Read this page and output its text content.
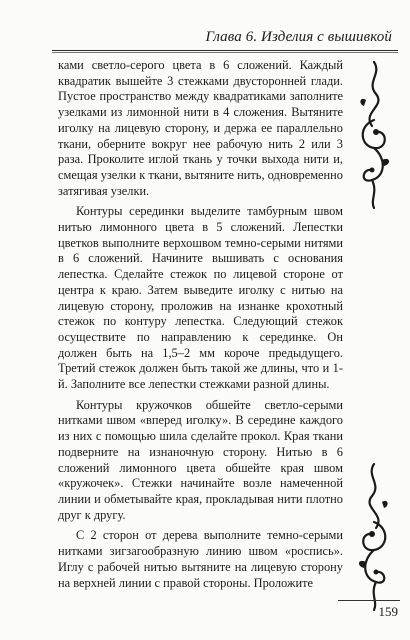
Глава 6. Изделия с вышивкой

ками светло-серого цвета в 6 сложений. Каждый квадратик вышейте 3 стежками двусторонней глади. Пустое пространство между квадратиками заполните узелками из лимонной нити в 4 сложения. Вытяните иголку на лицевую сторону, и держа ее параллельно ткани, оберните вокруг нее рабочую нить 2 или 3 раза. Проколите иглой ткань у точки выхода нити и, смещая узелки к ткани, вытяните нить, одновременно затягивая узелки.

Контуры серединки выделите тамбурным швом нитью лимонного цвета в 5 сложений. Лепестки цветков выполните верхошвом темно-серыми нитями в 6 сложений. Начините вышивать с основания лепестка. Сделайте стежок по лицевой стороне от центра к краю. Затем выведите иголку с нитью на лицевую сторону, проложив на изнанке крохотный стежок по контуру лепестка. Следующий стежок осуществите по направлению к серединке. Он должен быть на 1,5–2 мм короче предыдущего. Третий стежок должен быть такой же длины, что и 1-й. Заполните все лепестки стежками разной длины.

Контуры кружочков обшейте светло-серыми нитками швом «вперед иголку». В середине каждого из них с помощью шила сделайте прокол. Края ткани подверните на изнаночную сторону. Нитью в 6 сложений лимонного цвета обшейте края швом «кружочек». Стежки начинайте возле намеченной линии и обметывайте края, прокладывая нити плотно друг к другу.

С 2 сторон от дерева выполните темно-серыми нитками зигзагообразную линию швом «роспись». Иглу с рабочей нитью вытяните на лицевую сторону на верхней линии с правой стороны. Проложите

159
